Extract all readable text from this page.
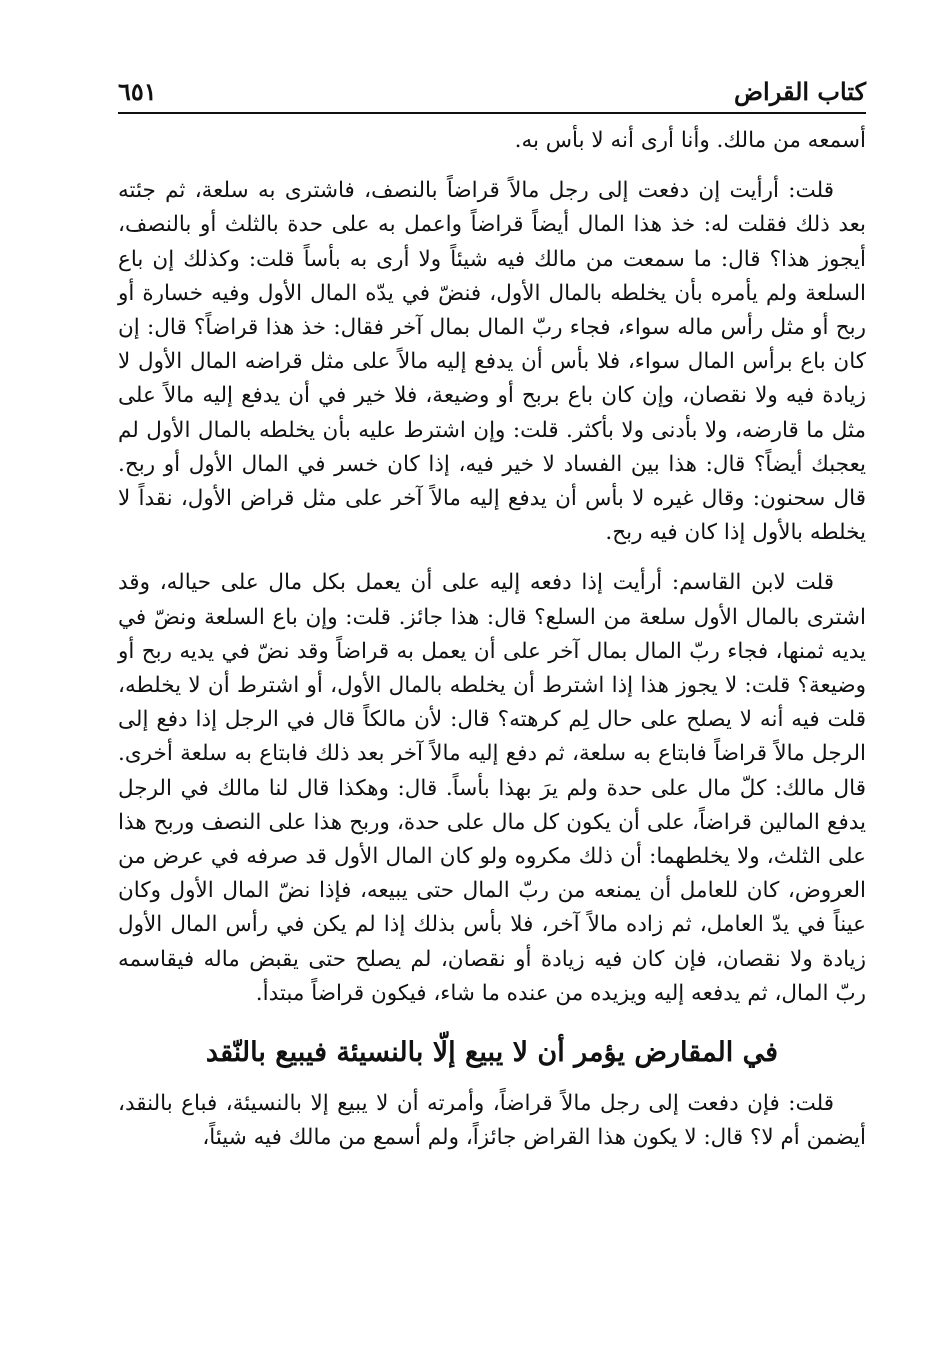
كتاب القراض
٦٥١

أسمعه من مالك. وأنا أرى أنه لا بأس به.

قلت: أرأيت إن دفعت إلى رجل مالاً قراضاً بالنصف، فاشترى به سلعة، ثم جئته بعد ذلك فقلت له: خذ هذا المال أيضاً قراضاً واعمل به على حدة بالثلث أو بالنصف، أيجوز هذا؟ قال: ما سمعت من مالك فيه شيئاً ولا أرى به بأساً قلت: وكذلك إن باع السلعة ولم يأمره بأن يخلطه بالمال الأول، فنضّ في يدّه المال الأول وفيه خسارة أو ربح أو مثل رأس ماله سواء، فجاء ربّ المال بمال آخر فقال: خذ هذا قراضاً؟ قال: إن كان باع برأس المال سواء، فلا بأس أن يدفع إليه مالاً على مثل قراضه المال الأول لا زيادة فيه ولا نقصان، وإن كان باع بربح أو وضيعة، فلا خير في أن يدفع إليه مالاً على مثل ما قارضه، ولا بأدنى ولا بأكثر. قلت: وإن اشترط عليه بأن يخلطه بالمال الأول لم يعجبك أيضاً؟ قال: هذا بين الفساد لا خير فيه، إذا كان خسر في المال الأول أو ربح. قال سحنون: وقال غيره لا بأس أن يدفع إليه مالاً آخر على مثل قراض الأول، نقداً لا يخلطه بالأول إذا كان فيه ربح.

قلت لابن القاسم: أرأيت إذا دفعه إليه على أن يعمل بكل مال على حياله، وقد اشترى بالمال الأول سلعة من السلع؟ قال: هذا جائز. قلت: وإن باع السلعة ونضّ في يديه ثمنها، فجاء ربّ المال بمال آخر على أن يعمل به قراضاً وقد نضّ في يديه ربح أو وضيعة؟ قلت: لا يجوز هذا إذا اشترط أن يخلطه بالمال الأول، أو اشترط أن لا يخلطه، قلت فيه أنه لا يصلح على حال لِم كرهته؟ قال: لأن مالكاً قال في الرجل إذا دفع إلى الرجل مالاً قراضاً فابتاع به سلعة، ثم دفع إليه مالاً آخر بعد ذلك فابتاع به سلعة أخرى. قال مالك: كلّ مال على حدة ولم يرَ بهذا بأساً. قال: وهكذا قال لنا مالك في الرجل يدفع المالين قراضاً، على أن يكون كل مال على حدة، وربح هذا على النصف وربح هذا على الثلث، ولا يخلطهما: أن ذلك مكروه ولو كان المال الأول قد صرفه في عرض من العروض، كان للعامل أن يمنعه من ربّ المال حتى يبيعه، فإذا نضّ المال الأول وكان عيناً في يدّ العامل، ثم زاده مالاً آخر، فلا بأس بذلك إذا لم يكن في رأس المال الأول زيادة ولا نقصان، فإن كان فيه زيادة أو نقصان، لم يصلح حتى يقبض ماله فيقاسمه ربّ المال، ثم يدفعه إليه ويزيده من عنده ما شاء، فيكون قراضاً مبتدأ.

في المقارض يؤمر أن لا يبيع إلّا بالنسيئة فيبيع بالنّقد

قلت: فإن دفعت إلى رجل مالاً قراضاً، وأمرته أن لا يبيع إلا بالنسيئة، فباع بالنقد، أيضمن أم لا؟ قال: لا يكون هذا القراض جائزاً، ولم أسمع من مالك فيه شيئاً،
